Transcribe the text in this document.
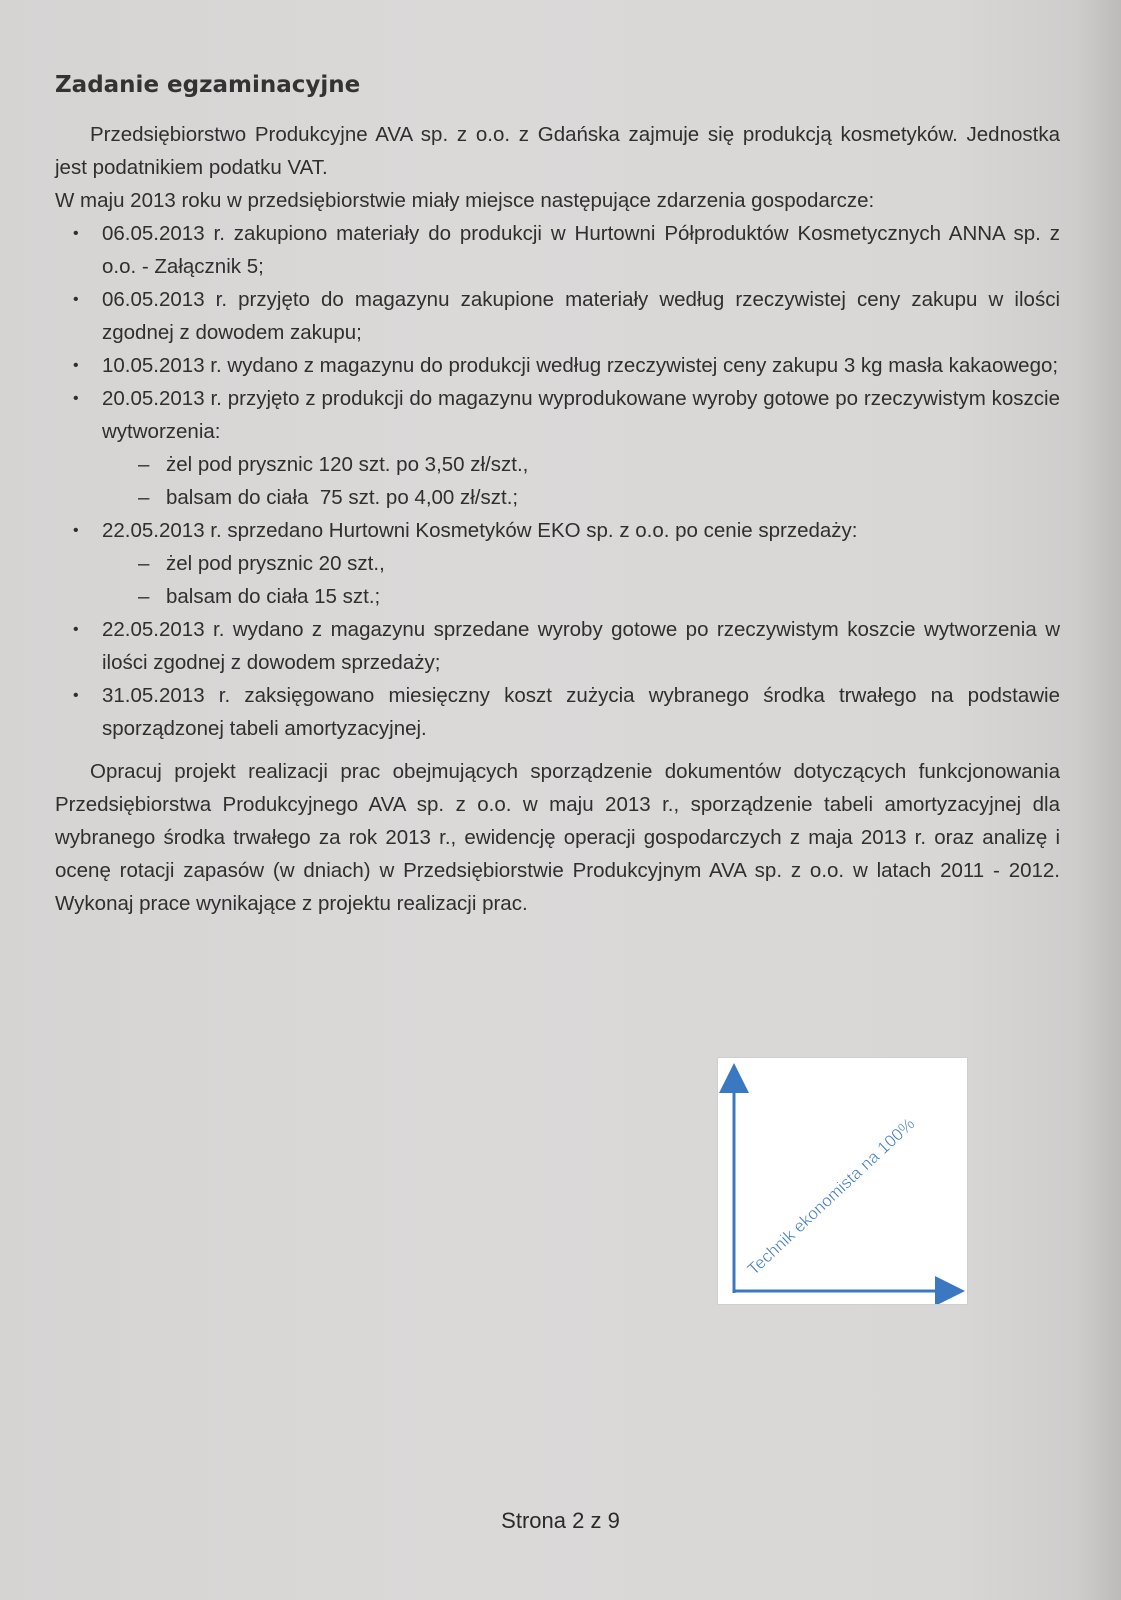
Zadanie egzaminacyjne

Przedsiębiorstwo Produkcyjne AVA sp. z o.o. z Gdańska zajmuje się produkcją kosmetyków. Jednostka jest podatnikiem podatku VAT.

W maju 2013 roku w przedsiębiorstwie miały miejsce następujące zdarzenia gospodarcze:

• 06.05.2013 r. zakupiono materiały do produkcji w Hurtowni Półproduktów Kosmetycznych ANNA sp. z o.o. - Załącznik 5;
• 06.05.2013 r. przyjęto do magazynu zakupione materiały według rzeczywistej ceny zakupu w ilości zgodnej z dowodem zakupu;
• 10.05.2013 r. wydano z magazynu do produkcji według rzeczywistej ceny zakupu 3 kg masła kakaowego;
• 20.05.2013 r. przyjęto z produkcji do magazynu wyprodukowane wyroby gotowe po rzeczywistym koszcie wytworzenia:
– żel pod prysznic 120 szt. po 3,50 zł/szt.,
– balsam do ciała  75 szt. po 4,00 zł/szt.;
• 22.05.2013 r. sprzedano Hurtowni Kosmetyków EKO sp. z o.o. po cenie sprzedaży:
– żel pod prysznic 20 szt.,
– balsam do ciała 15 szt.;
• 22.05.2013 r. wydano z magazynu sprzedane wyroby gotowe po rzeczywistym koszcie wytworzenia w ilości zgodnej z dowodem sprzedaży;
• 31.05.2013 r. zaksięgowano miesięczny koszt zużycia wybranego środka trwałego na podstawie sporządzonej tabeli amortyzacyjnej.

Opracuj projekt realizacji prac obejmujących sporządzenie dokumentów dotyczących funkcjonowania Przedsiębiorstwa Produkcyjnego AVA sp. z o.o. w maju 2013 r., sporządzenie tabeli amortyzacyjnej dla wybranego środka trwałego za rok 2013 r., ewidencję operacji gospodarczych z maja 2013 r. oraz analizę i ocenę rotacji zapasów (w dniach) w Przedsiębiorstwie Produkcyjnym AVA sp. z o.o. w latach 2011 - 2012. Wykonaj prace wynikające z projektu realizacji prac.

Technik ekonomista na 100%
Strona 2 z 9
